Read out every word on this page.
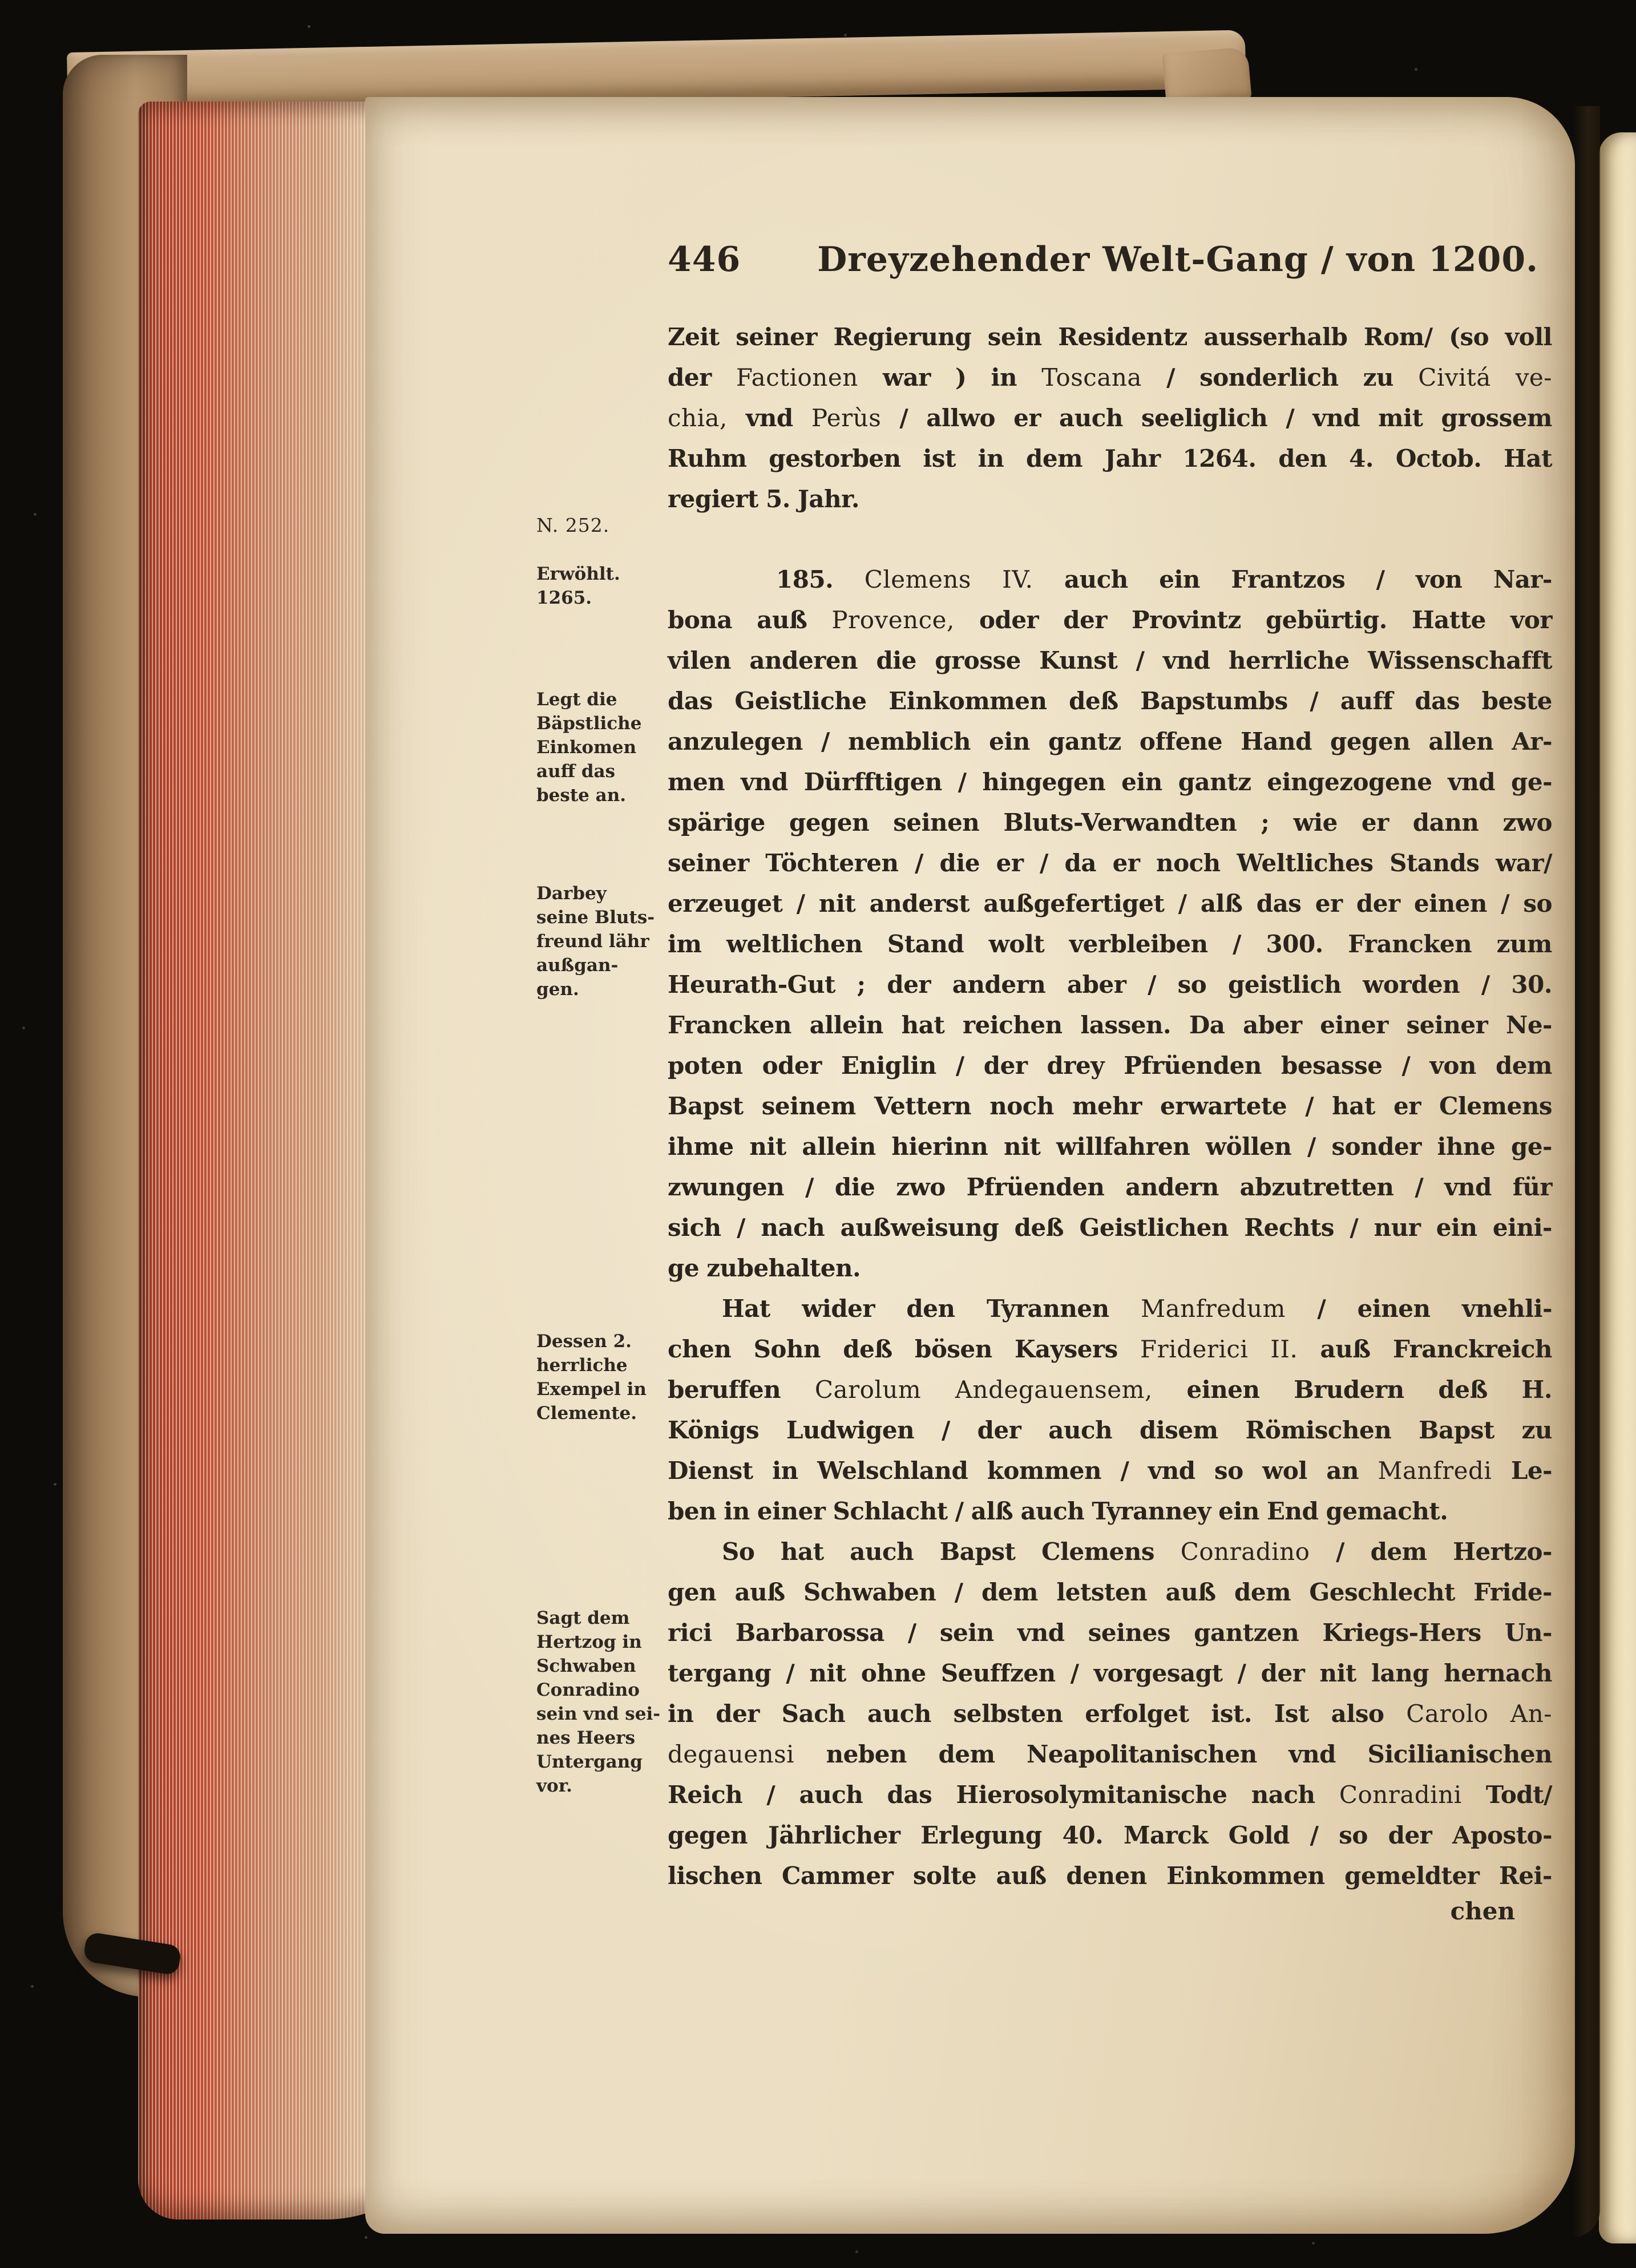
446	Dreyzehender Welt-Gang / von 1200.
N. 252.
Erwöhlt.
1265.
Legt die
Bäpstliche
Einkomen
auff das
beste an.
Darbey
seine Bluts-
freund lähr
außgan-
gen.
Dessen 2.
herrliche
Exempel in
Clemente.
Sagt dem
Hertzog in
Schwaben
Conradino
sein vnd sei-
nes Heers
Untergang
vor.
Zeit seiner Regierung sein Residentz ausserhalb Rom/ (so voll
der Factionen war ) in Toscana / sonderlich zu Civitá ve-
chia, vnd Perùs / allwo er auch seeliglich / vnd mit grossem
Ruhm gestorben ist in dem Jahr 1264. den 4. Octob. Hat
regiert 5. Jahr.
185. Clemens IV. auch ein Frantzos / von Nar-
bona auß Provence, oder der Provintz gebürtig. Hatte vor
vilen anderen die grosse Kunst / vnd herrliche Wissenschafft
das Geistliche Einkommen deß Bapstumbs / auff das beste
anzulegen / nemblich ein gantz offene Hand gegen allen Ar-
men vnd Dürfftigen / hingegen ein gantz eingezogene vnd ge-
spärige gegen seinen Bluts-Verwandten ; wie er dann zwo
seiner Töchteren / die er / da er noch Weltliches Stands war/
erzeuget / nit anderst außgefertiget / alß das er der einen / so
im weltlichen Stand wolt verbleiben / 300. Francken zum
Heurath-Gut ; der andern aber / so geistlich worden / 30.
Francken allein hat reichen lassen. Da aber einer seiner Ne-
poten oder Eniglin / der drey Pfrüenden besasse / von dem
Bapst seinem Vettern noch mehr erwartete / hat er Clemens
ihme nit allein hierinn nit willfahren wöllen / sonder ihne ge-
zwungen / die zwo Pfrüenden andern abzutretten / vnd für
sich / nach außweisung deß Geistlichen Rechts / nur ein eini-
ge zubehalten.
Hat wider den Tyrannen Manfredum / einen vnehli-
chen Sohn deß bösen Kaysers Friderici II. auß Franckreich
beruffen Carolum Andegauensem, einen Brudern deß H.
Königs Ludwigen / der auch disem Römischen Bapst zu
Dienst in Welschland kommen / vnd so wol an Manfredi Le-
ben in einer Schlacht / alß auch Tyranney ein End gemacht.
So hat auch Bapst Clemens Conradino / dem Hertzo-
gen auß Schwaben / dem letsten auß dem Geschlecht Fride-
rici Barbarossa / sein vnd seines gantzen Kriegs-Hers Un-
tergang / nit ohne Seuffzen / vorgesagt / der nit lang hernach
in der Sach auch selbsten erfolget ist. Ist also Carolo An-
degauensi neben dem Neapolitanischen vnd Sicilianischen
Reich / auch das Hierosolymitanische nach Conradini Todt/
gegen Jährlicher Erlegung 40. Marck Gold / so der Aposto-
lischen Cammer solte auß denen Einkommen gemeldter Rei-
chen
